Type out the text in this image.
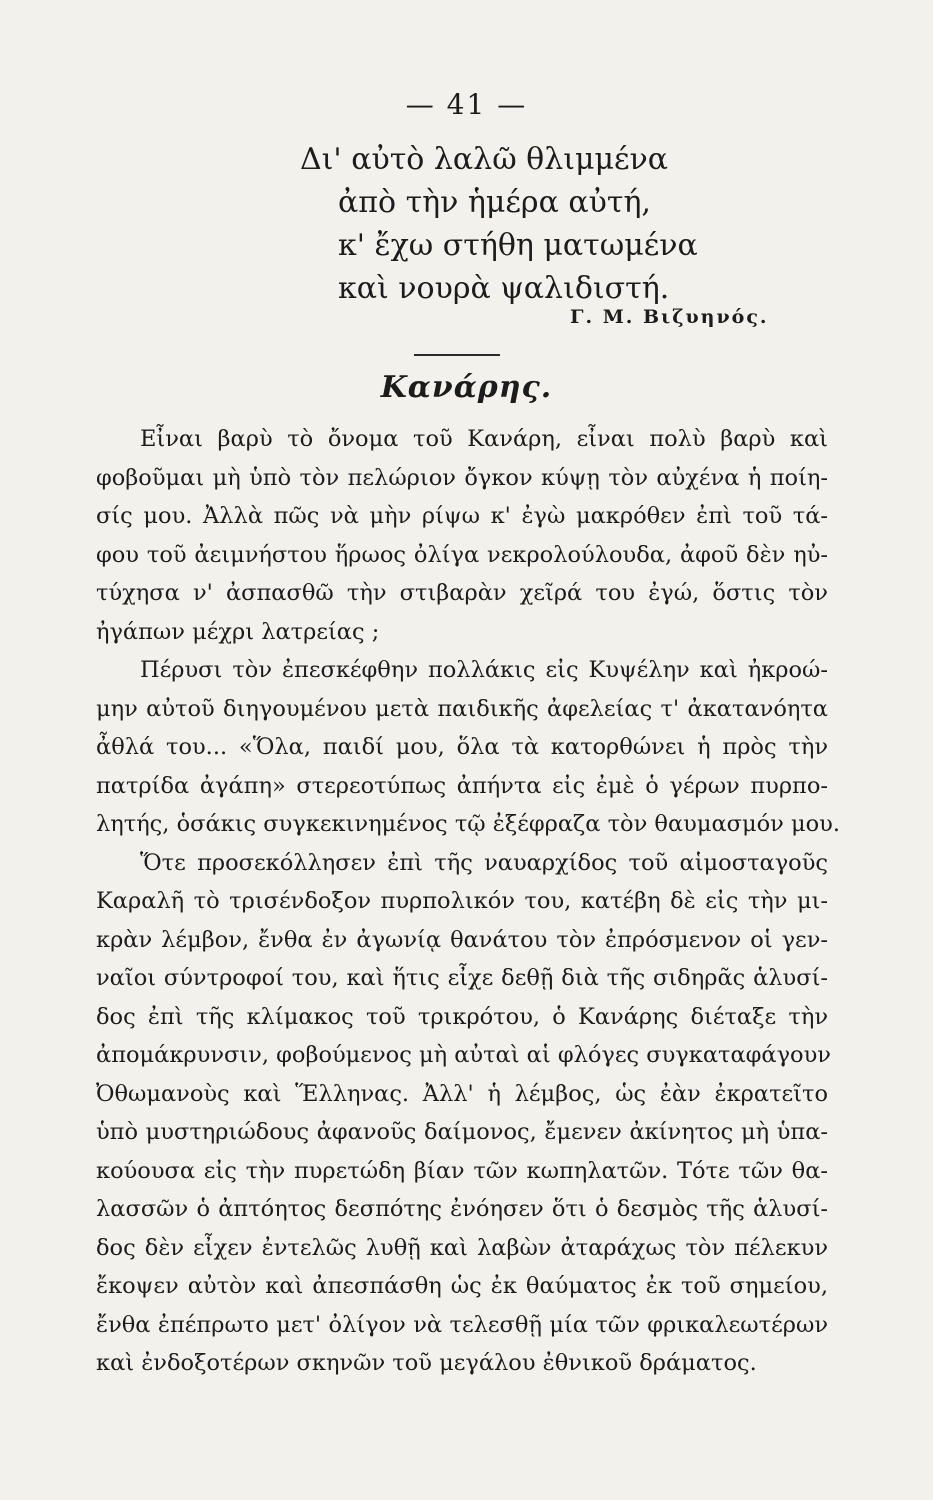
— 41 —
Δι' αὐτὸ λαλῶ θλιμμένα
ἀπὸ τὴν ἡμέρα αὐτή,
κ' ἔχω στήθη ματωμένα
καὶ νουρὰ ψαλιδιστή.
Γ. Μ. Βιζυηνός.
Κανάρης.
Εἶναι βαρὺ τὸ ὄνομα τοῦ Κανάρη, εἶναι πολὺ βαρὺ καὶ
φοβοῦμαι μὴ ὑπὸ τὸν πελώριον ὄγκον κύψῃ τὸν αὐχένα ἡ ποίη-
σίς μου. Ἀλλὰ πῶς νὰ μὴν ρίψω κ' ἐγὼ μακρόθεν ἐπὶ τοῦ τά-
φου τοῦ ἀειμνήστου ἥρωος ὀλίγα νεκρολούλουδα, ἀφοῦ δὲν ηὐ-
τύχησα ν' ἀσπασθῶ τὴν στιβαρὰν χεῖρά του ἐγώ, ὅστις τὸν
ἠγάπων μέχρι λατρείας ;
Πέρυσι τὸν ἐπεσκέφθην πολλάκις εἰς Κυψέλην καὶ ἠκροώ-
μην αὐτοῦ διηγουμένου μετὰ παιδικῆς ἀφελείας τ' ἀκατανόητα
ἆθλά του... «Ὅλα, παιδί μου, ὅλα τὰ κατορθώνει ἡ πρὸς τὴν
πατρίδα ἀγάπη» στερεοτύπως ἀπήντα εἰς ἐμὲ ὁ γέρων πυρπο-
λητής, ὁσάκις συγκεκινημένος τῷ ἐξέφραζα τὸν θαυμασμόν μου.
Ὅτε προσεκόλλησεν ἐπὶ τῆς ναυαρχίδος τοῦ αἱμοσταγοῦς
Καραλῆ τὸ τρισένδοξον πυρπολικόν του, κατέβη δὲ εἰς τὴν μι-
κρὰν λέμβον, ἔνθα ἐν ἀγωνίᾳ θανάτου τὸν ἐπρόσμενον οἱ γεν-
ναῖοι σύντροφοί του, καὶ ἥτις εἶχε δεθῇ διὰ τῆς σιδηρᾶς ἁλυσί-
δος ἐπὶ τῆς κλίμακος τοῦ τρικρότου, ὁ Κανάρης διέταξε τὴν
ἀπομάκρυνσιν, φοβούμενος μὴ αὐταὶ αἱ φλόγες συγκαταφάγουν
Ὀθωμανοὺς καὶ Ἕλληνας. Ἀλλ' ἡ λέμβος, ὡς ἐὰν ἐκρατεῖτο
ὑπὸ μυστηριώδους ἀφανοῦς δαίμονος, ἔμενεν ἀκίνητος μὴ ὑπα-
κούουσα εἰς τὴν πυρετώδη βίαν τῶν κωπηλατῶν. Τότε τῶν θα-
λασσῶν ὁ ἀπτόητος δεσπότης ἐνόησεν ὅτι ὁ δεσμὸς τῆς ἁλυσί-
δος δὲν εἶχεν ἐντελῶς λυθῇ καὶ λαβὼν ἀταράχως τὸν πέλεκυν
ἔκοψεν αὐτὸν καὶ ἀπεσπάσθη ὡς ἐκ θαύματος ἐκ τοῦ σημείου,
ἔνθα ἐπέπρωτο μετ' ὀλίγον νὰ τελεσθῇ μία τῶν φρικαλεωτέρων
καὶ ἐνδοξοτέρων σκηνῶν τοῦ μεγάλου ἐθνικοῦ δράματος.
